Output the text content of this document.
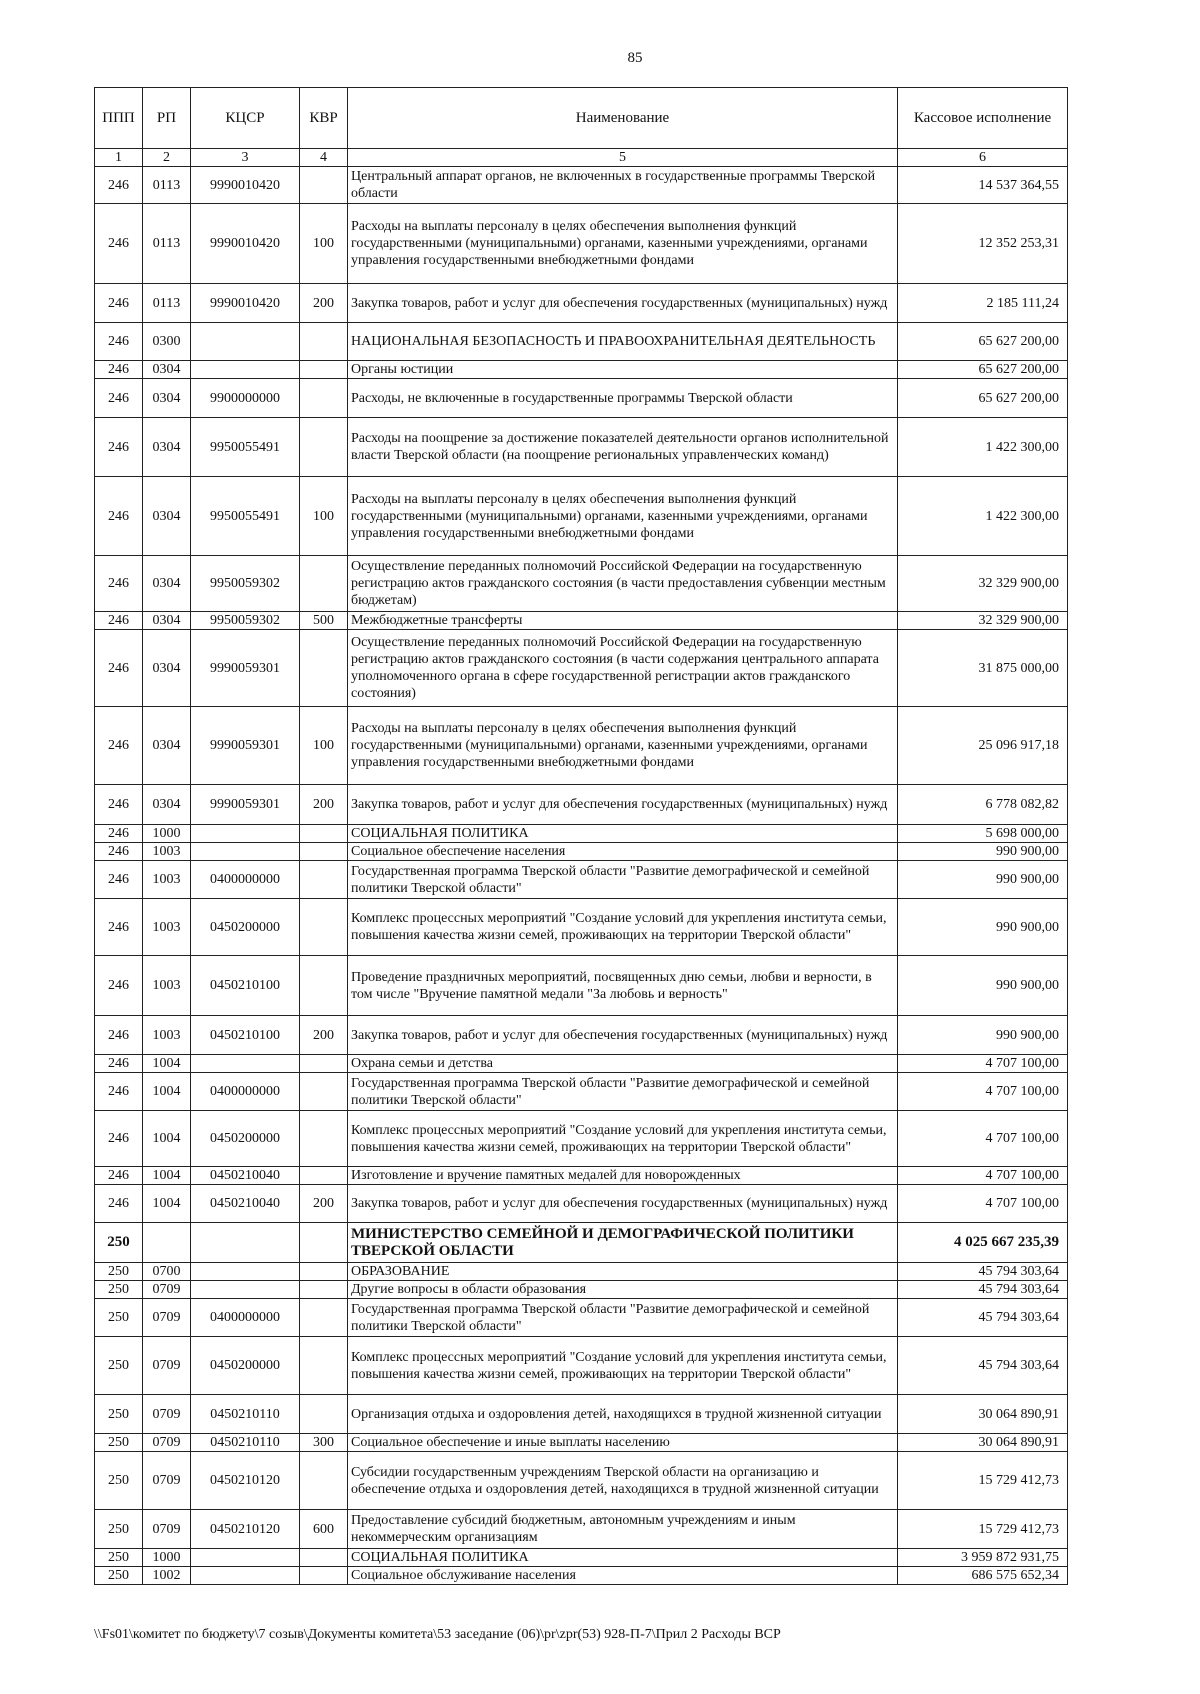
85
ППП	РП	КЦСР	КВР	Наименование	Кассовое исполнение
1	2	3	4	5	6
246	0113	9990010420		Центральный аппарат органов, не включенных в государственные программы Тверской области	14 537 364,55
246	0113	9990010420	100	Расходы на выплаты персоналу в целях обеспечения выполнения функций государственными (муниципальными) органами, казенными учреждениями, органами управления государственными внебюджетными фондами	12 352 253,31
246	0113	9990010420	200	Закупка товаров, работ и услуг для обеспечения государственных (муниципальных) нужд	2 185 111,24
246	0300			НАЦИОНАЛЬНАЯ БЕЗОПАСНОСТЬ И ПРАВООХРАНИТЕЛЬНАЯ ДЕЯТЕЛЬНОСТЬ	65 627 200,00
246	0304			Органы юстиции	65 627 200,00
246	0304	9900000000		Расходы, не включенные в государственные программы Тверской области	65 627 200,00
246	0304	9950055491		Расходы на поощрение за достижение показателей деятельности органов исполнительной власти Тверской области (на поощрение региональных управленческих команд)	1 422 300,00
246	0304	9950055491	100	Расходы на выплаты персоналу в целях обеспечения выполнения функций государственными (муниципальными) органами, казенными учреждениями, органами управления государственными внебюджетными фондами	1 422 300,00
246	0304	9950059302		Осуществление переданных полномочий Российской Федерации на государственную регистрацию актов гражданского состояния (в части предоставления субвенции местным бюджетам)	32 329 900,00
246	0304	9950059302	500	Межбюджетные трансферты	32 329 900,00
246	0304	9990059301		Осуществление переданных полномочий Российской Федерации на государственную регистрацию актов гражданского состояния (в части содержания центрального аппарата уполномоченного органа в сфере государственной регистрации актов гражданского состояния)	31 875 000,00
246	0304	9990059301	100	Расходы на выплаты персоналу в целях обеспечения выполнения функций государственными (муниципальными) органами, казенными учреждениями, органами управления государственными внебюджетными фондами	25 096 917,18
246	0304	9990059301	200	Закупка товаров, работ и услуг для обеспечения государственных (муниципальных) нужд	6 778 082,82
246	1000			СОЦИАЛЬНАЯ ПОЛИТИКА	5 698 000,00
246	1003			Социальное обеспечение населения	990 900,00
246	1003	0400000000		Государственная программа Тверской области "Развитие демографической и семейной политики Тверской области"	990 900,00
246	1003	0450200000		Комплекс процессных мероприятий "Создание условий для укрепления института семьи, повышения качества жизни семей, проживающих на территории Тверской области"	990 900,00
246	1003	0450210100		Проведение праздничных мероприятий, посвященных дню семьи, любви и верности, в том числе "Вручение памятной медали "За любовь и верность"	990 900,00
246	1003	0450210100	200	Закупка товаров, работ и услуг для обеспечения государственных (муниципальных) нужд	990 900,00
246	1004			Охрана семьи и детства	4 707 100,00
246	1004	0400000000		Государственная программа Тверской области "Развитие демографической и семейной политики Тверской области"	4 707 100,00
246	1004	0450200000		Комплекс процессных мероприятий "Создание условий для укрепления института семьи, повышения качества жизни семей, проживающих на территории Тверской области"	4 707 100,00
246	1004	0450210040		Изготовление и вручение памятных медалей для новорожденных	4 707 100,00
246	1004	0450210040	200	Закупка товаров, работ и услуг для обеспечения государственных (муниципальных) нужд	4 707 100,00
250				МИНИСТЕРСТВО СЕМЕЙНОЙ И ДЕМОГРАФИЧЕСКОЙ ПОЛИТИКИ ТВЕРСКОЙ ОБЛАСТИ	4 025 667 235,39
250	0700			ОБРАЗОВАНИЕ	45 794 303,64
250	0709			Другие вопросы в области образования	45 794 303,64
250	0709	0400000000		Государственная программа Тверской области "Развитие демографической и семейной политики Тверской области"	45 794 303,64
250	0709	0450200000		Комплекс процессных мероприятий "Создание условий для укрепления института семьи, повышения качества жизни семей, проживающих на территории Тверской области"	45 794 303,64
250	0709	0450210110		Организация отдыха и оздоровления детей, находящихся в трудной жизненной ситуации	30 064 890,91
250	0709	0450210110	300	Социальное обеспечение и иные выплаты населению	30 064 890,91
250	0709	0450210120		Субсидии государственным учреждениям Тверской области на организацию и обеспечение отдыха и оздоровления детей, находящихся в трудной жизненной ситуации	15 729 412,73
250	0709	0450210120	600	Предоставление субсидий бюджетным, автономным учреждениям и иным некоммерческим организациям	15 729 412,73
250	1000			СОЦИАЛЬНАЯ ПОЛИТИКА	3 959 872 931,75
250	1002			Социальное обслуживание населения	686 575 652,34
\\Fs01\комитет по бюджету\7 созыв\Документы комитета\53 заседание (06)\pr\zpr(53) 928-П-7\Прил 2 Расходы ВСР
